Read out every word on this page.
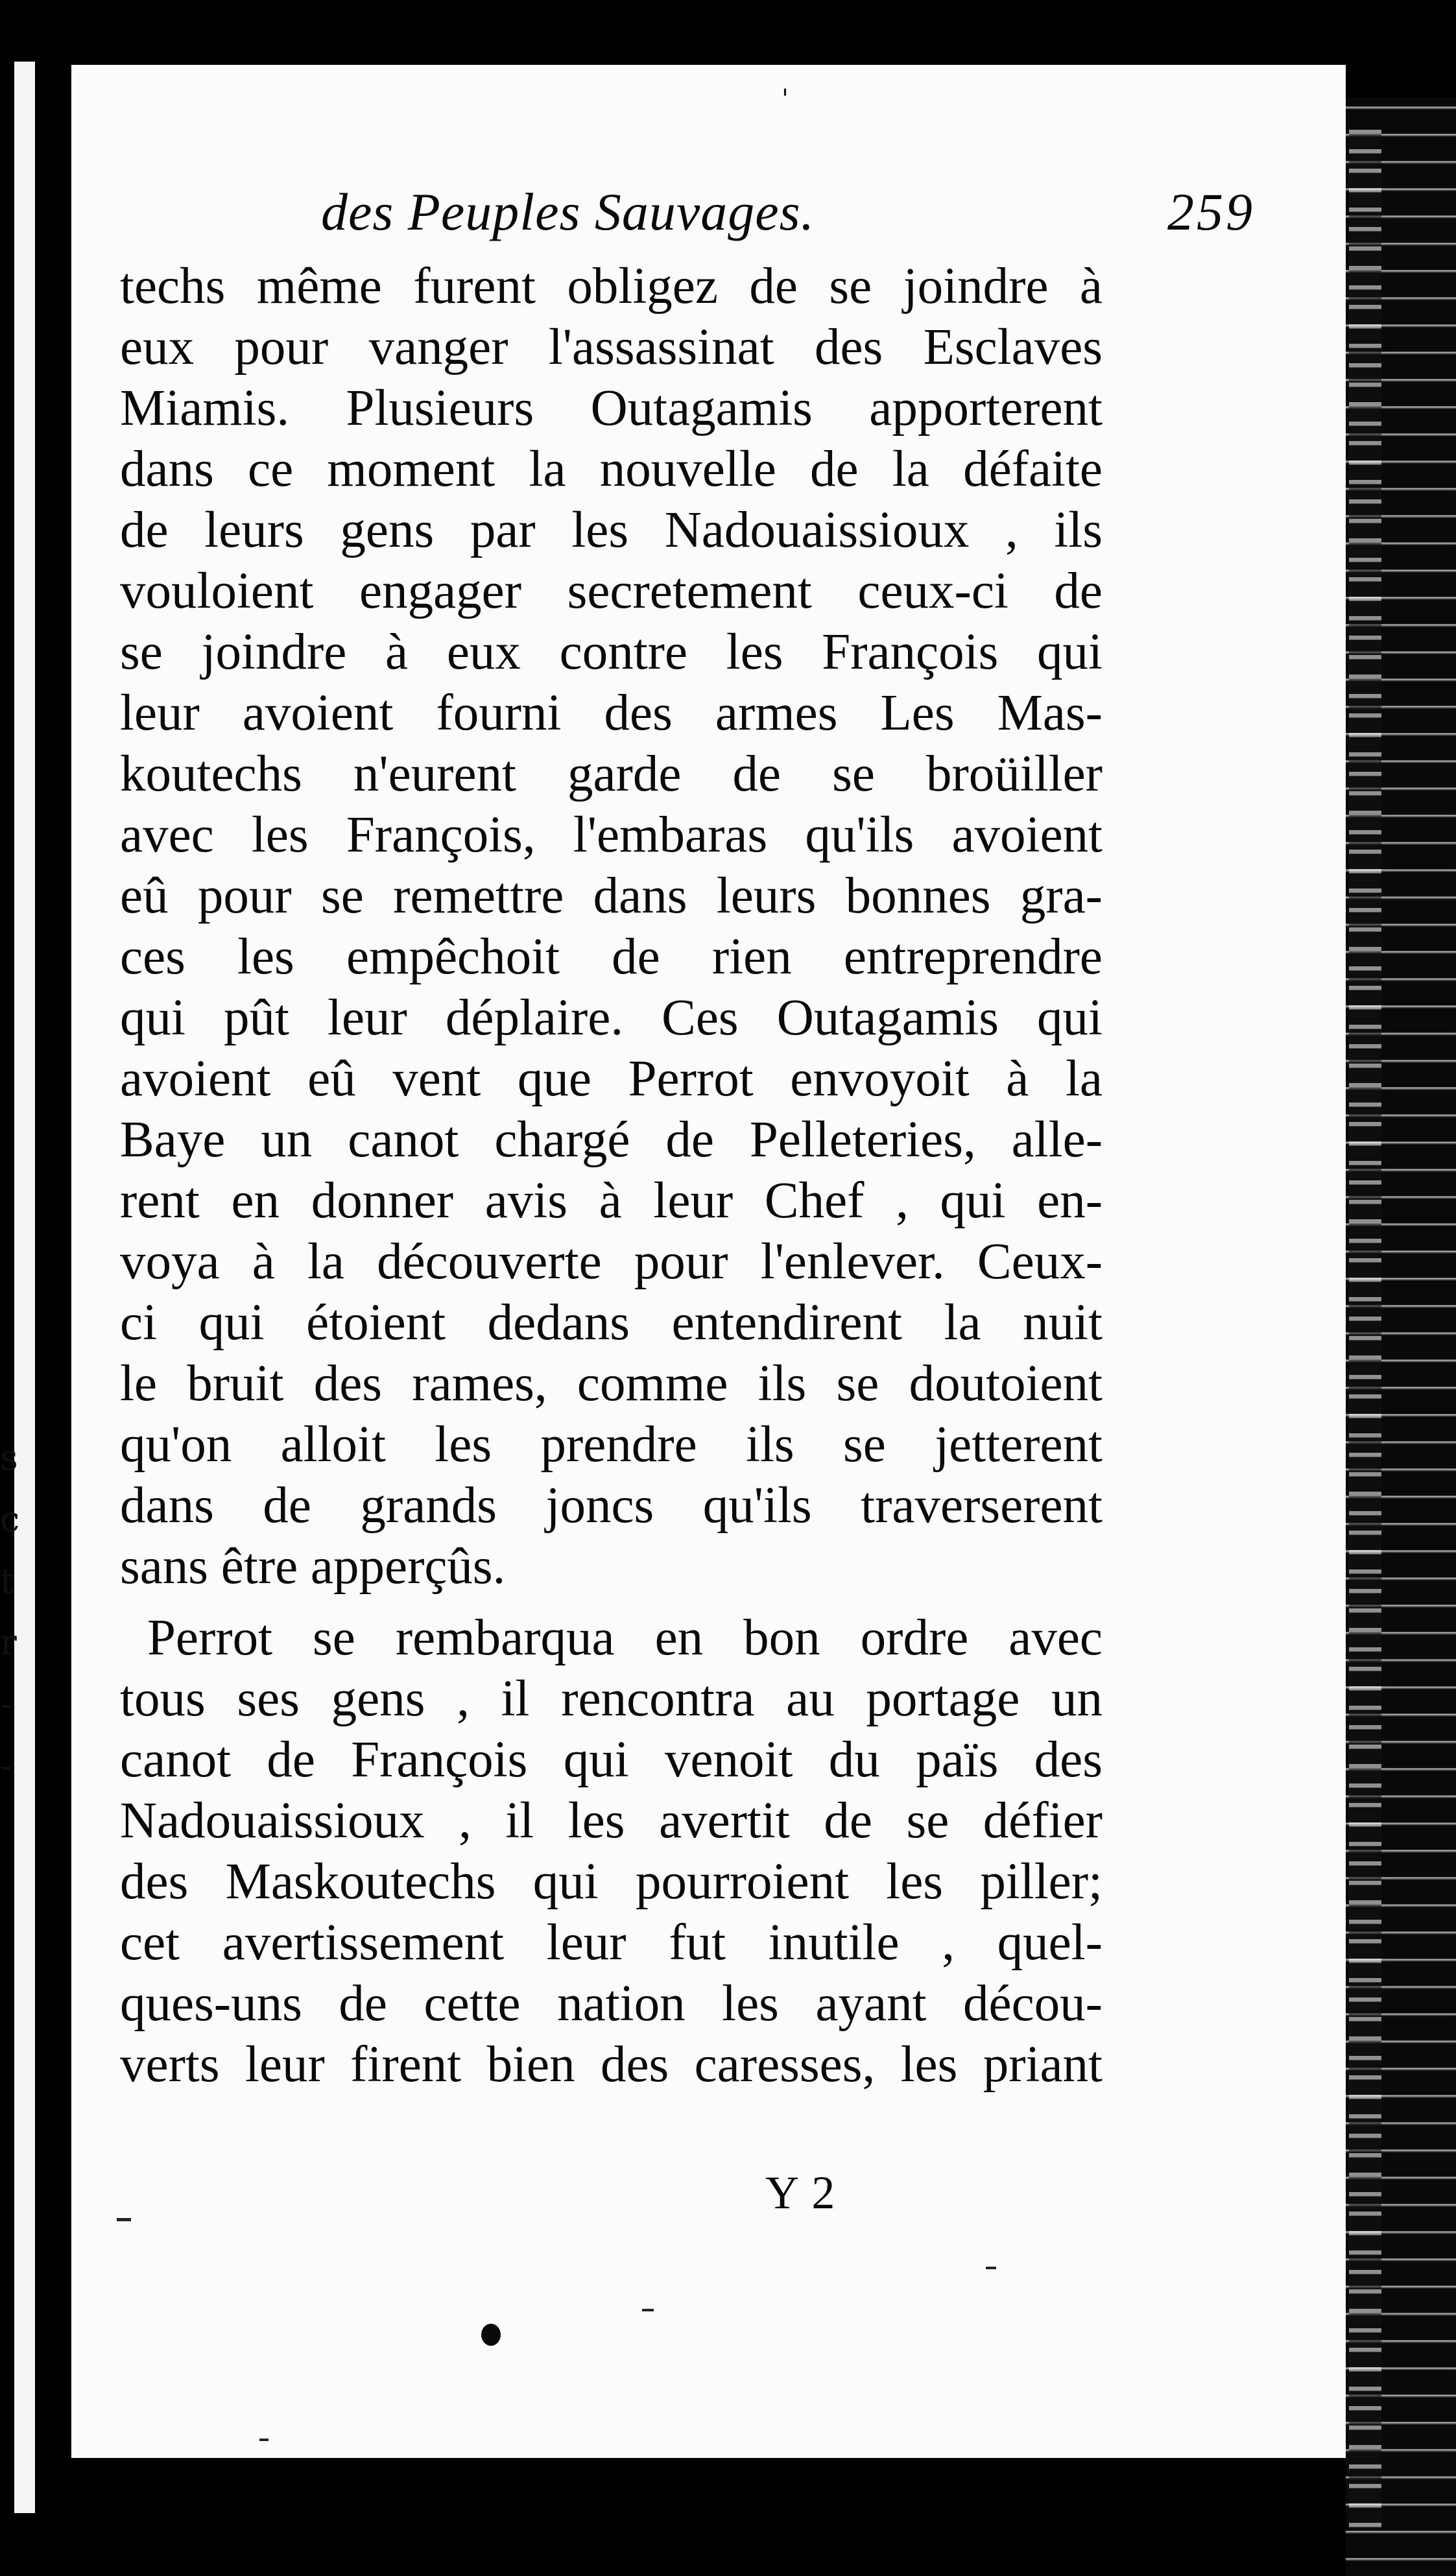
s
c
t
r
-
-
'
des Peuples Sauvages.	259
techs même furent obligez de se joindre à
eux pour vanger l'assassinat des Esclaves
Miamis. Plusieurs Outagamis apporterent
dans ce moment la nouvelle de la défaite
de leurs gens par les Nadouaissioux , ils
vouloient engager secretement ceux-ci de
se joindre à eux contre les François qui
leur avoient fourni des armes Les Mas-
koutechs n'eurent garde de se broüiller
avec les François, l'embaras qu'ils avoient
eû pour se remettre dans leurs bonnes gra-
ces les empêchoit de rien entreprendre
qui pût leur déplaire. Ces Outagamis qui
avoient eû vent que Perrot envoyoit à la
Baye un canot chargé de Pelleteries, alle-
rent en donner avis à leur Chef , qui en-
voya à la découverte pour l'enlever. Ceux-
ci qui étoient dedans entendirent la nuit
le bruit des rames, comme ils se doutoient
qu'on alloit les prendre ils se jetterent
dans de grands joncs qu'ils traverserent
sans être apperçûs.
Perrot se rembarqua en bon ordre avec
tous ses gens , il rencontra au portage un
canot de François qui venoit du païs des
Nadouaissioux , il les avertit de se défier
des Maskoutechs qui pourroient les piller;
cet avertissement leur fut inutile , quel-
ques-uns de cette nation les ayant décou-
verts leur firent bien des caresses, les priant
Y 2
